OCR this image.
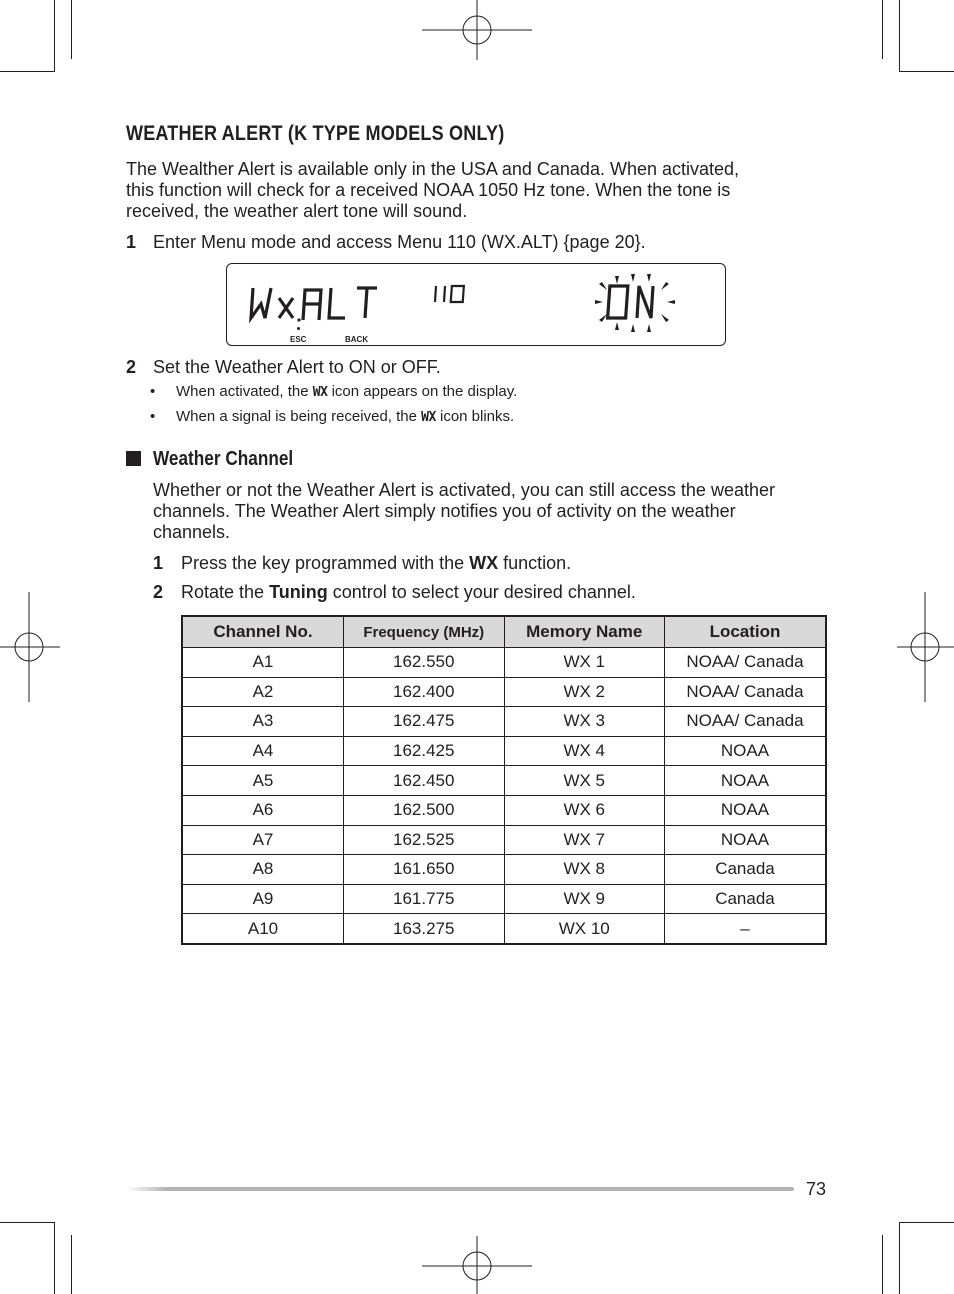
WEATHER ALERT (K TYPE MODELS ONLY)
The Wealther Alert is available only in the USA and Canada. When activated,
this function will check for a received NOAA 1050 Hz tone. When the tone is
received, the weather alert tone will sound.
1 Enter Menu mode and access Menu 110 (WX.ALT) {page 20}.
ESC	BACK
2 Set the Weather Alert to ON or OFF.
• When activated, the WX icon appears on the display.
• When a signal is being received, the WX icon blinks.
Weather Channel
Whether or not the Weather Alert is activated, you can still access the weather
channels. The Weather Alert simply notifies you of activity on the weather
channels.
1 Press the key programmed with the WX function.
2 Rotate the Tuning control to select your desired channel.
Channel No.	Frequency (MHz)	Memory Name	Location
A1	162.550	WX 1	NOAA/ Canada
A2	162.400	WX 2	NOAA/ Canada
A3	162.475	WX 3	NOAA/ Canada
A4	162.425	WX 4	NOAA
A5	162.450	WX 5	NOAA
A6	162.500	WX 6	NOAA
A7	162.525	WX 7	NOAA
A8	161.650	WX 8	Canada
A9	161.775	WX 9	Canada
A10	163.275	WX 10	–
73
